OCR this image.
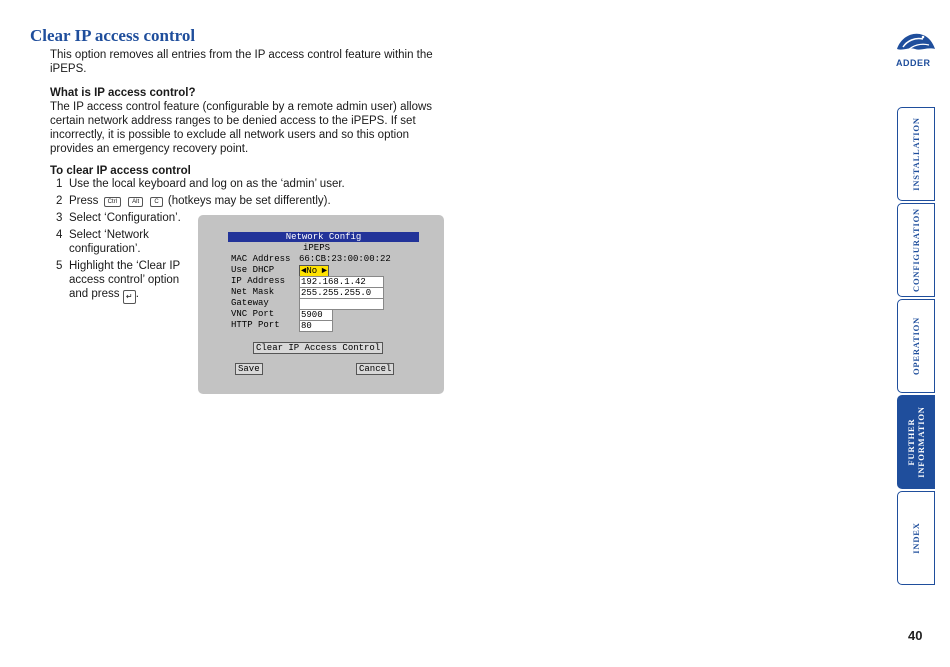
Clear IP access control

This option removes all entries from the IP access control feature within the iPEPS.

What is IP access control?

The IP access control feature (configurable by a remote admin user) allows certain network address ranges to be denied access to the iPEPS. If set incorrectly, it is possible to exclude all network users and so this option provides an emergency recovery point.

To clear IP access control

1 Use the local keyboard and log on as the ‘admin’ user.
2 Press Ctrl	Alt	C (hotkeys may be set differently).
3 Select ‘Configuration’.
4 Select ‘Network configuration’.
5 Highlight the ‘Clear IP access control’ option and press ↵ .
Network Config
iPEPS
MAC Address 66:CB:23:00:00:22
Use DHCP	◄No ►
IP Address 192.168.1.42
Net Mask	255.255.255.0
Gateway
VNC Port	5900
HTTP Port 80
Clear IP Access Control
Save	Cancel
ADDER
INSTALLATION
CONFIGURATION
OPERATION
FURTHER INFORMATION
INDEX
40
